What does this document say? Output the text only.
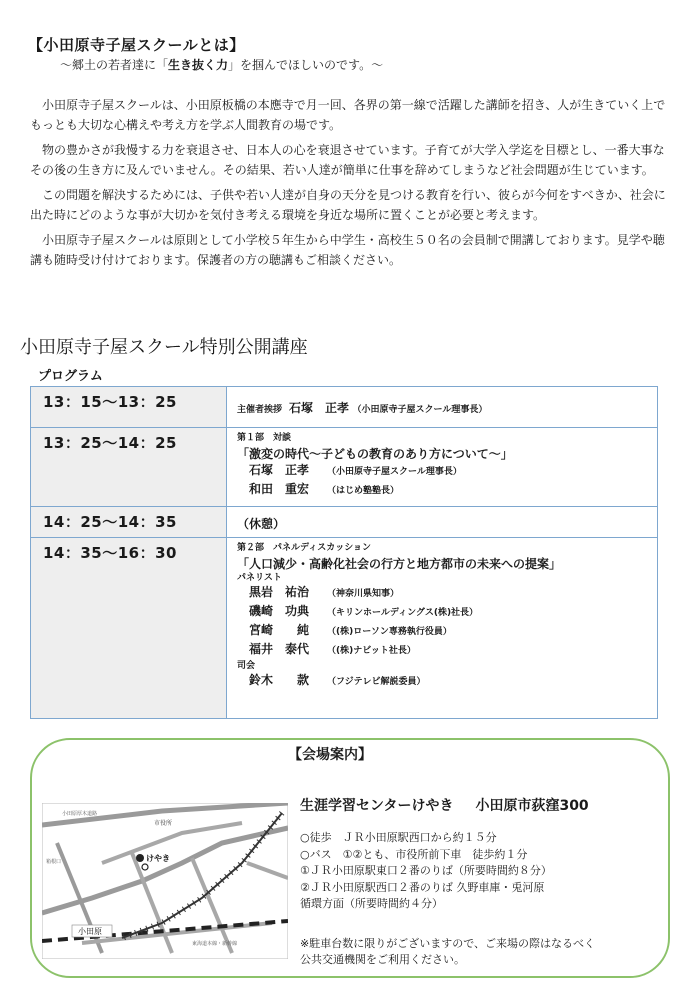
【小田原寺子屋スクールとは】
～郷土の若者達に「生き抜く力」を掴んでほしいのです。～

小田原寺子屋スクールは、小田原板橋の本應寺で月一回、各界の第一線で活躍した講師を招き、人が生きていく上でもっとも大切な心構えや考え方を学ぶ人間教育の場です。

物の豊かさが我慢する力を衰退させ、日本人の心を衰退させています。子育てが大学入学迄を目標とし、一番大事なその後の生き方に及んでいません。その結果、若い人達が簡単に仕事を辞めてしまうなど社会問題が生じています。

この問題を解決するためには、子供や若い人達が自身の天分を見つける教育を行い、彼らが今何をすべきか、社会に出た時にどのような事が大切かを気付き考える環境を身近な場所に置くことが必要と考えます。

小田原寺子屋スクールは原則として小学校５年生から中学生・高校生５０名の会員制で開講しております。見学や聴講も随時受け付けております。保護者の方の聴講もご相談ください。

小田原寺子屋スクール特別公開講座
プログラム
13：15～13：25	主催者挨拶 石塚　正孝 （小田原寺子屋スクール理事長）
13：25～14：25	第１部　対談
「激変の時代～子どもの教育のあり方について～」
石塚　正孝 （小田原寺子屋スクール理事長）
和田　重宏 （はじめ塾塾長）
14：25～14：35	（休憩）
14：35～16：30	第２部　パネルディスカッション
「人口減少・高齢化社会の行方と地方都市の未来への提案」
パネリスト
黒岩　祐治 （神奈川県知事）
磯崎　功典 （キリンホールディングス(株)社長）
宮崎　　純 （(株)ローソン専務執行役員）
福井　泰代 （(株)ナビット社長）
司会
鈴木　　款 （フジテレビ解説委員）
【会場案内】
けやき
市役所
小田原
小田原厚木道路
東海道本線・新幹線
箱根口
生涯学習センターけやき 小田原市荻窪300
○徒歩　ＪＲ小田原駅西口から約１５分
○バス　①②とも、市役所前下車　徒歩約１分
①ＪＲ小田原駅東口２番のりば（所要時間約８分）
②ＪＲ小田原駅西口２番のりば 久野車庫・兎河原
循環方面（所要時間約４分）
※駐車台数に限りがございますので、ご来場の際はなるべく
公共交通機関をご利用ください。
